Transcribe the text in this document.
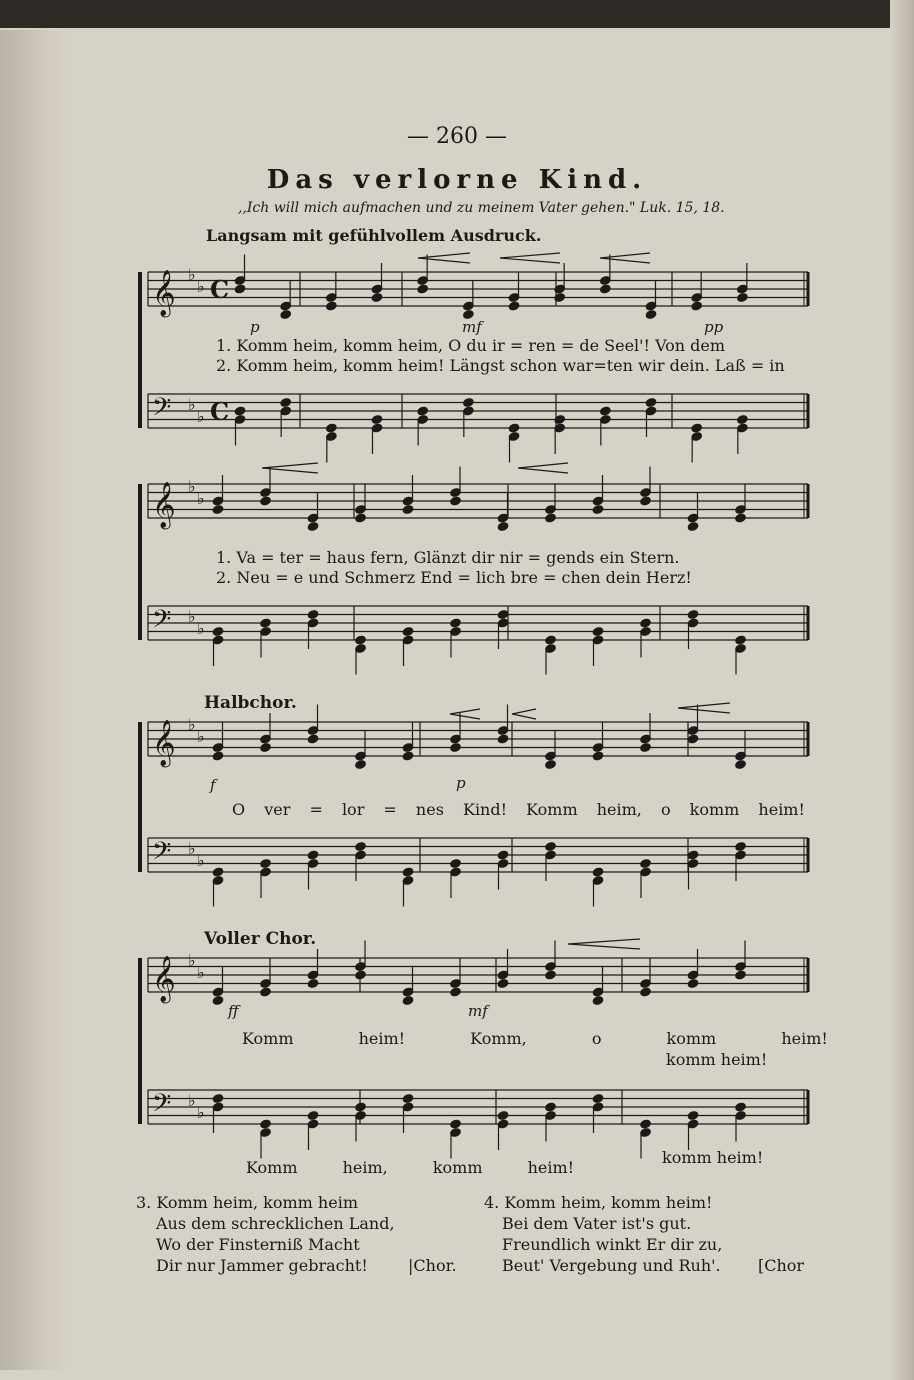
— 260 —
Das verlorne Kind.
,,Ich will mich aufmachen und zu meinem Vater gehen." Luk. 15, 18.
Langsam mit gefühlvollem Ausdruck.
𝄞 ♭
♭ C
𝄢 ♭
♭ C
𝄞 ♭
♭
𝄢 ♭
♭
𝄞 ♭
♭
𝄢 ♭
♭
𝄞 ♭
♭
𝄢 ♭
♭
p	mf	pp
1. Komm heim, komm heim, O du ir = ren = de Seel'! Von dem
2. Komm heim, komm heim! Längst schon war=ten wir dein. Laß = in
1. Va = ter = haus fern, Glänzt dir nir = gends ein Stern.
2. Neu = e und Schmerz End = lich bre = chen dein Herz!
Halbchor.
f	p
O ver = lor = nes Kind! Komm heim, o komm heim!
Voller Chor.
ff	mf
Komm heim! Komm, o komm heim!
komm heim!
Komm heim, komm heim!
komm heim!
3. Komm heim, komm heim
Aus dem schrecklichen Land,
Wo der Finsterniß Macht
Dir nur Jammer gebracht!	|Chor.
4. Komm heim, komm heim!
Bei dem Vater ist's gut.
Freundlich winkt Er dir zu,
Beut' Vergebung und Ruh'. [Chor
